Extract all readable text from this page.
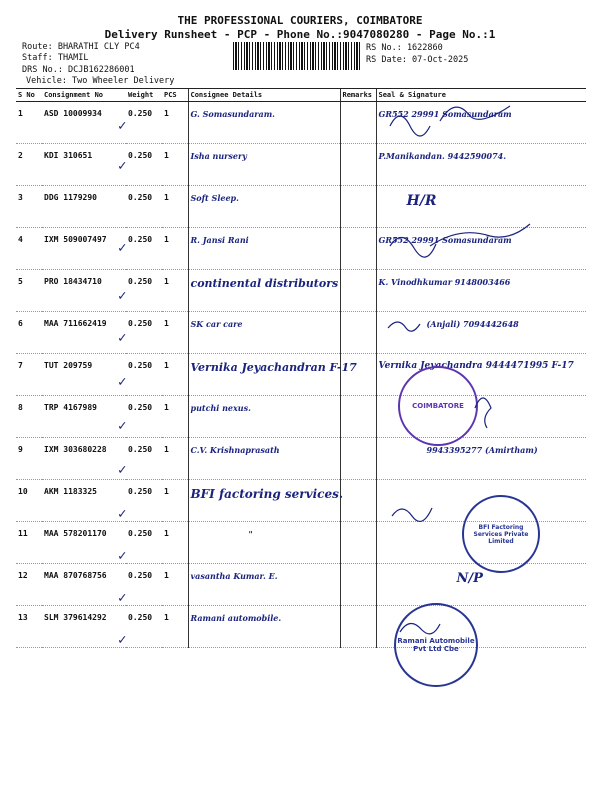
THE PROFESSIONAL COURIERS, COIMBATORE
Delivery Runsheet - PCP - Phone No.:9047080280 - Page No.:1
Route: BHARATHI CLY PC4
Staff: THAMIL
DRS No.: DCJB162286001
Vehicle: Two Wheeler Delivery
RS No.: 1622860
RS Date: 07-Oct-2025
S No	Consignment No	Weight	PCS	Consignee Details	Remarks	Seal & Signature
1	ASD 10009934	0.250	1	G. Somasundaram.		GR552 29991 Somasundaram
2	KDI 310651	0.250	1	Isha nursery		P.Manikandan. 9442590074.
3	DDG 1179290	0.250	1	Soft Sleep.		H/R
4	IXM 509007497	0.250	1	R. Jansi Rani		GR552 29991 Somasundaram
5	PRO 18434710	0.250	1	continental distributors		K. Vinodhkumar 9148003466
6	MAA 711662419	0.250	1	SK car care		(Anjali) 7094442648
7	TUT 209759	0.250	1	Vernika Jeyachandran F-17		Vernika Jeyachandra 9444471995 F-17
8	TRP 4167989	0.250	1	putchi nexus.		
9	IXM 303680228	0.250	1	C.V. Krishnaprasath		9943395277 (Amirtham)
10	AKM 1183325	0.250	1	BFI factoring services.		
11	MAA 578201170	0.250	1	"		
12	MAA 870768756	0.250	1	vasantha Kumar. E.		N/P
13	SLM 379614292	0.250	1	Ramani automobile.		
✓
✓
✓
✓
✓
✓
✓
✓
✓
✓
✓
✓
COIMBATORE
BFI Factoring Services Private Limited
Ramani Automobile Pvt Ltd Cbe
